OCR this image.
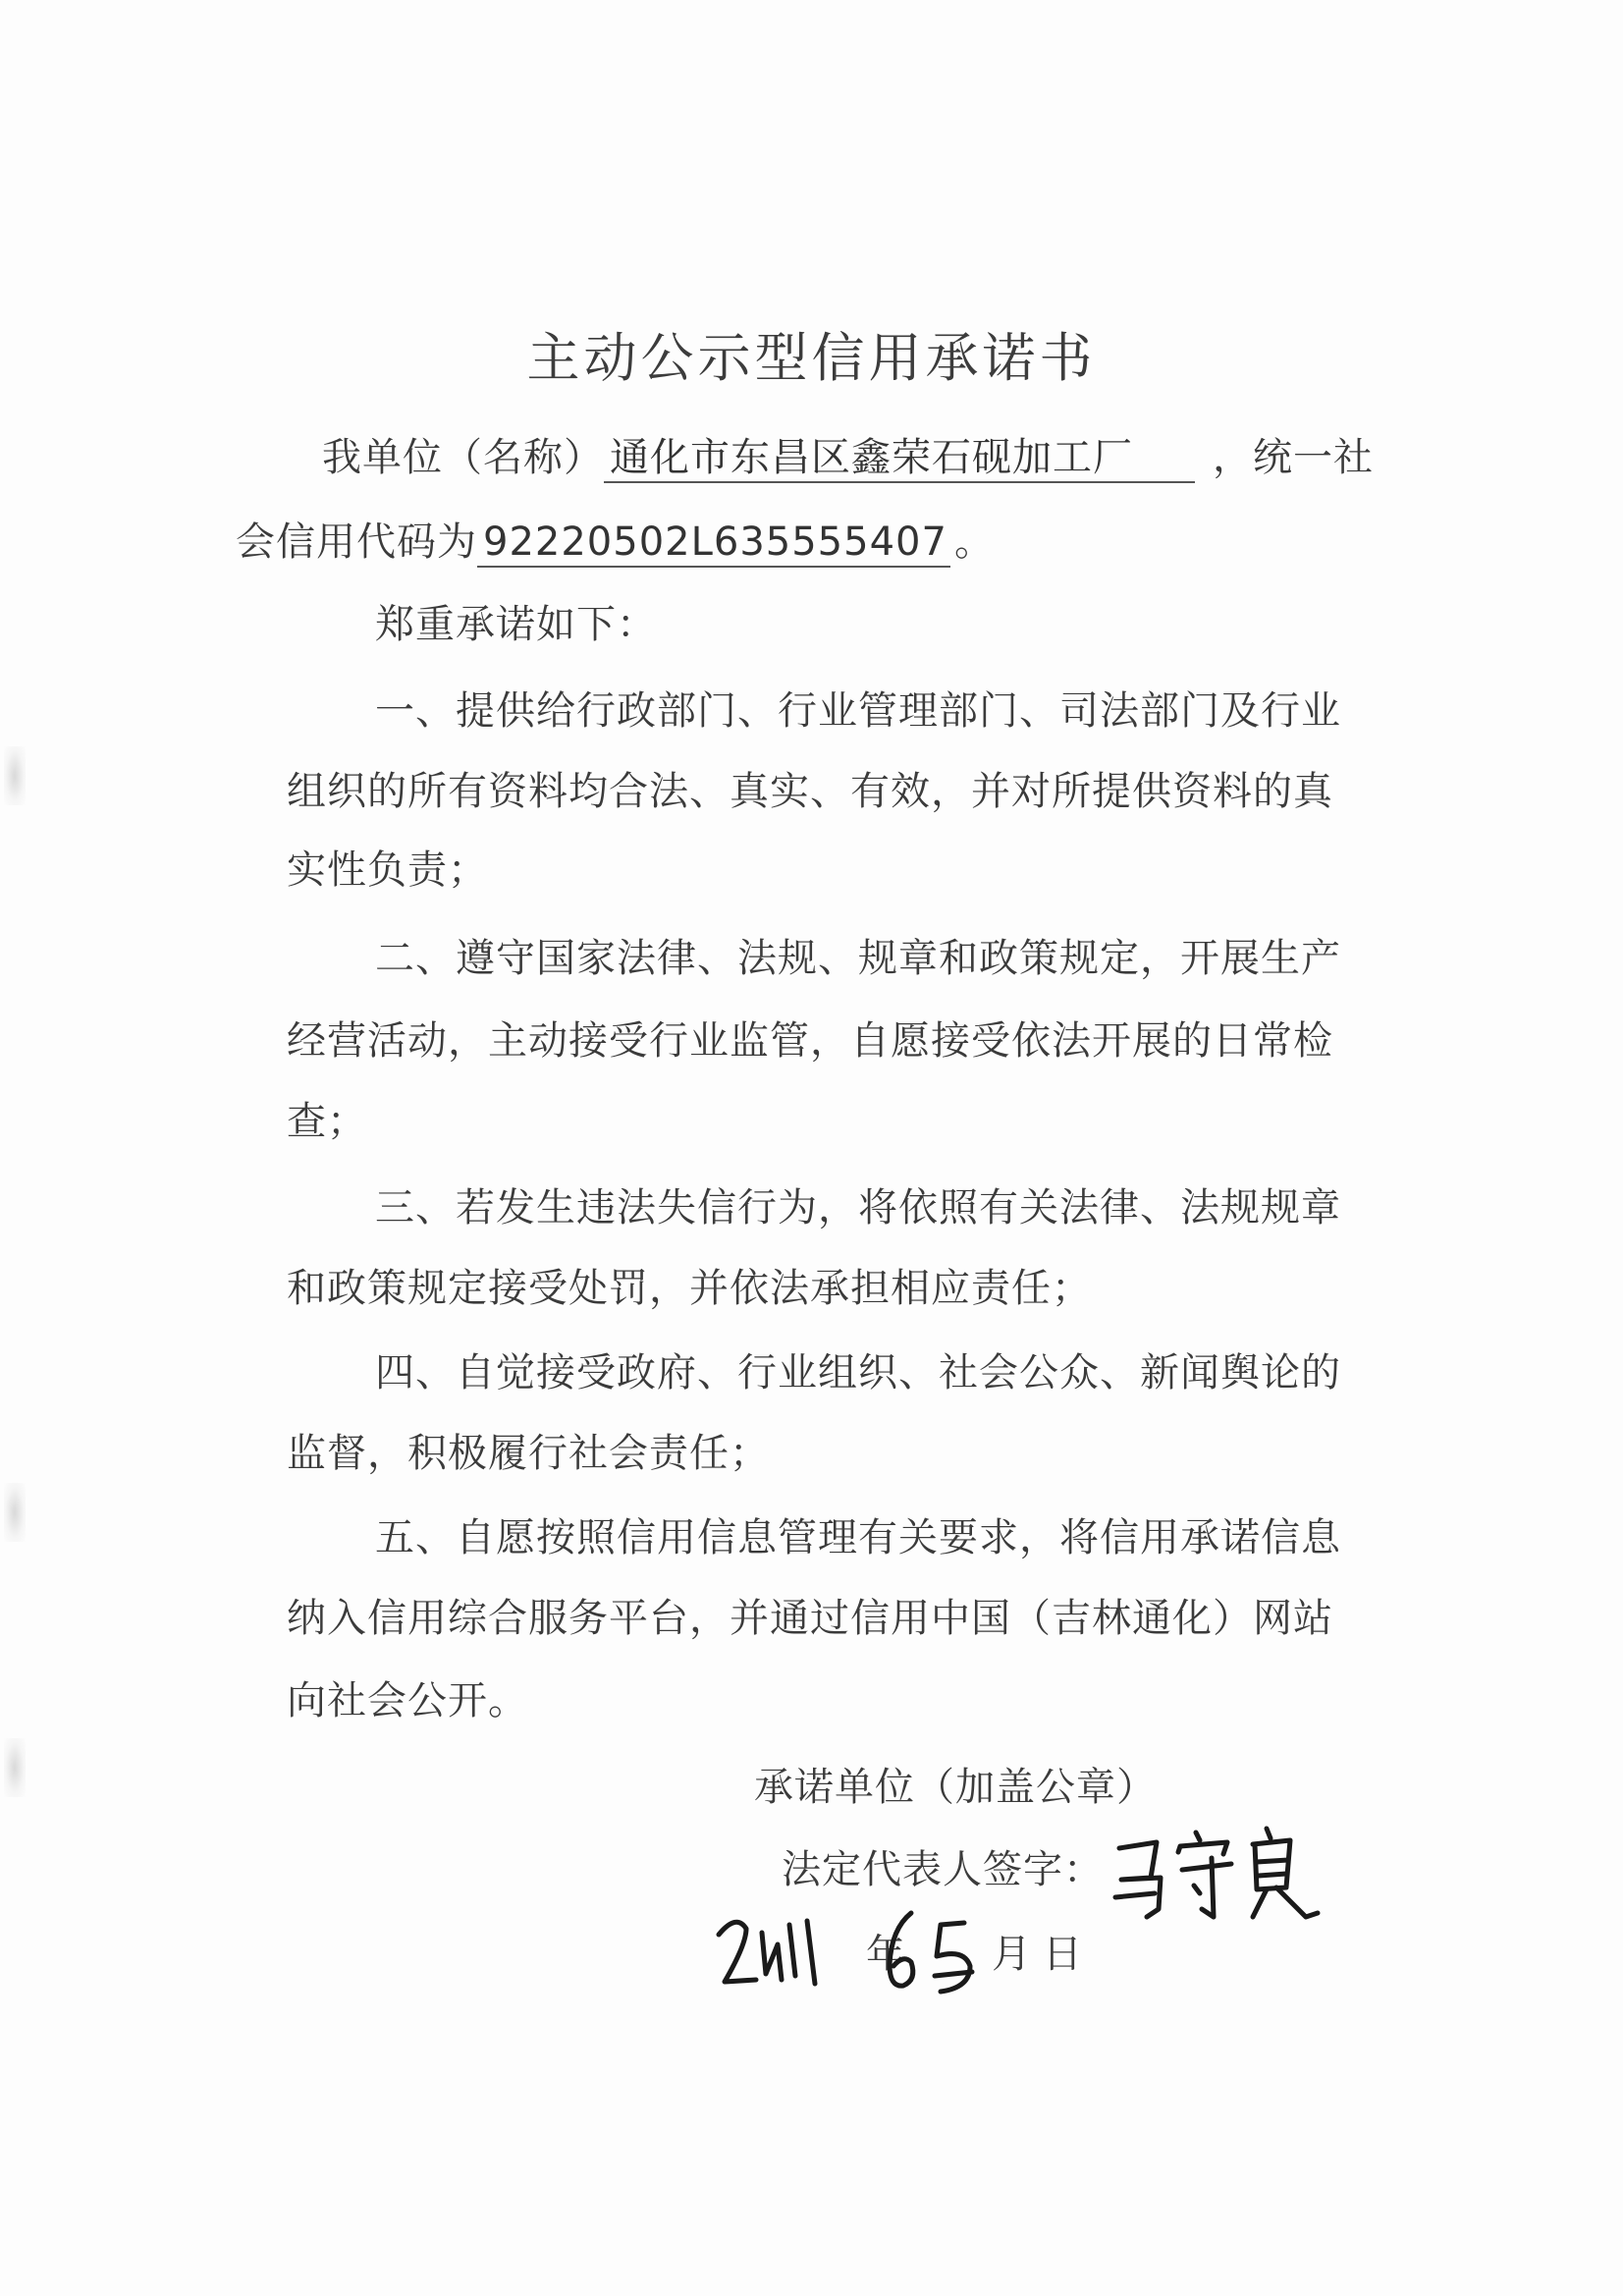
主动公示型信用承诺书
我单位（名称） 通化市东昌区鑫荣石砚加工厂 ，统一社
会信用代码为 92220502L635555407 。
郑重承诺如下：
一、提供给行政部门、行业管理部门、司法部门及行业
组织的所有资料均合法、真实、有效，并对所提供资料的真
实性负责；
二、遵守国家法律、法规、规章和政策规定，开展生产
经营活动，主动接受行业监管，自愿接受依法开展的日常检
查；
三、若发生违法失信行为，将依照有关法律、法规规章
和政策规定接受处罚，并依法承担相应责任；
四、自觉接受政府、行业组织、社会公众、新闻舆论的
监督，积极履行社会责任；
五、自愿按照信用信息管理有关要求，将信用承诺信息
纳入信用综合服务平台，并通过信用中国（吉林通化）网站
向社会公开。
承诺单位（加盖公章）
法定代表人签字：
年 月 日
